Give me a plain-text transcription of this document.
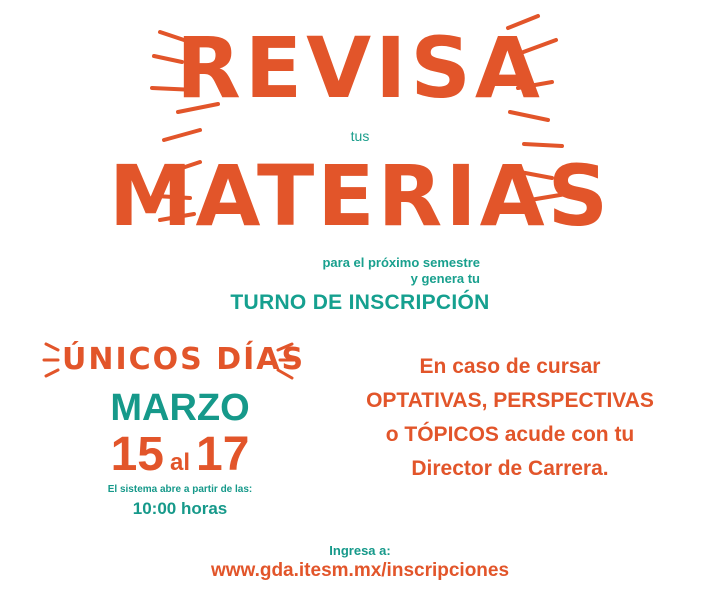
REVISA
tus
MATERIAS
para el próximo semestre
y genera tu
TURNO DE INSCRIPCIÓN
ÚNICOS DÍAS
MARZO
15 al 17
El sistema abre a partir de las:
10:00 horas
En caso de cursar
OPTATIVAS, PERSPECTIVAS
o TÓPICOS acude con tu
Director de Carrera.
Ingresa a:
www.gda.itesm.mx/inscripciones
